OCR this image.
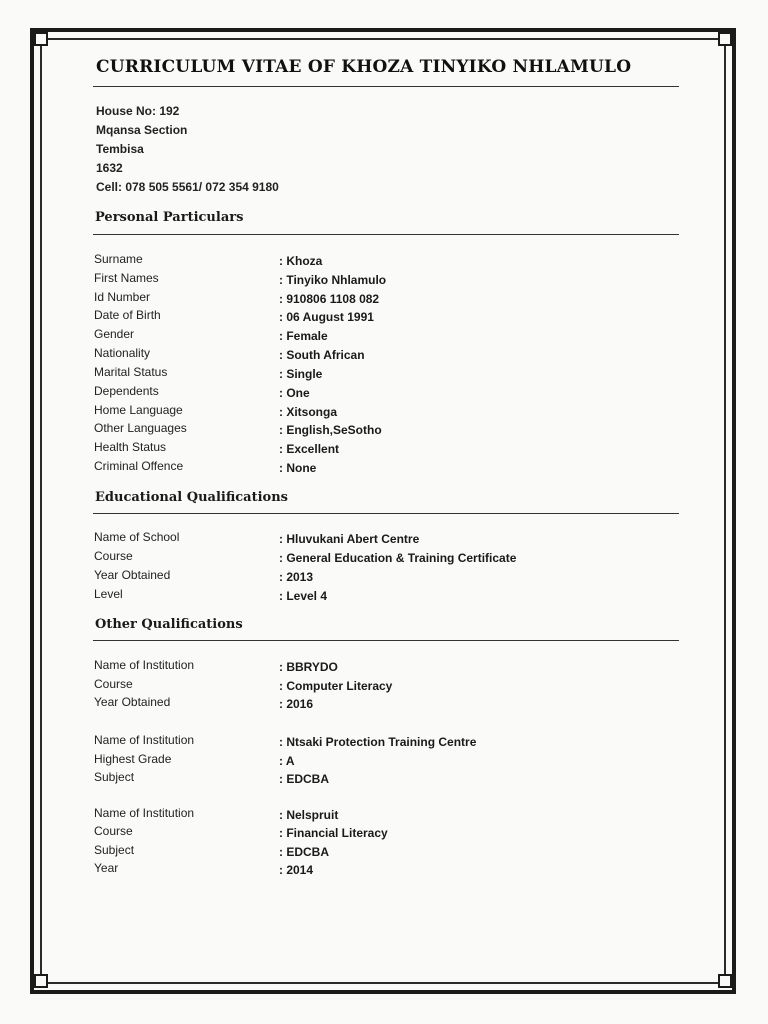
CURRICULUM VITAE OF KHOZA TINYIKO NHLAMULO
House No: 192
Mqansa Section
Tembisa
1632
Cell: 078 505 5561/ 072 354 9180
Personal Particulars
Surname	: Khoza
First Names	: Tinyiko Nhlamulo
Id Number	: 910806 1108 082
Date of Birth	: 06 August 1991
Gender	: Female
Nationality	: South African
Marital Status	: Single
Dependents	: One
Home Language	: Xitsonga
Other Languages	: English,SeSotho
Health Status	: Excellent
Criminal Offence	: None
Educational Qualifications
Name of School	: Hluvukani Abert Centre
Course	: General Education & Training Certificate
Year Obtained	: 2013
Level	: Level 4
Other Qualifications
Name of Institution	: BBRYDO
Course	: Computer Literacy
Year Obtained	: 2016
Name of Institution	: Ntsaki Protection Training Centre
Highest Grade	: A
Subject	: EDCBA
Name of Institution	: Nelspruit
Course	: Financial Literacy
Subject	: EDCBA
Year	: 2014
